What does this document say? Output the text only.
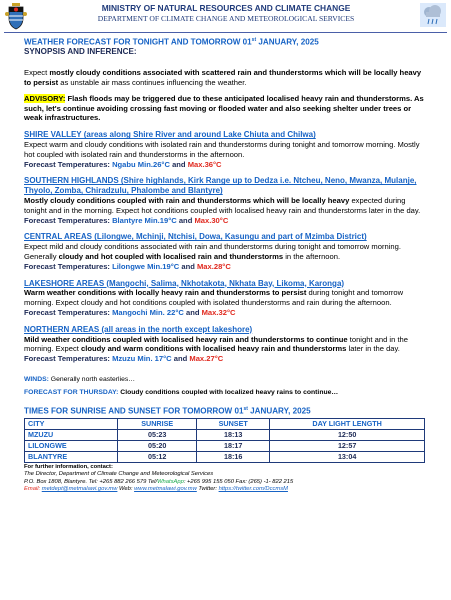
MINISTRY OF NATURAL RESOURCES AND CLIMATE CHANGE
DEPARTMENT OF CLIMATE CHANGE AND METEOROLOGICAL SERVICES
WEATHER FORECAST FOR TONIGHT AND TOMORROW 01st JANUARY, 2025
SYNOPSIS AND INFERENCE:

Expect mostly cloudy conditions associated with scattered rain and thunderstorms which will be locally heavy to persist as unstable air mass continues influencing the weather.

ADVISORY: Flash floods may be triggered due to these anticipated localised heavy rain and thunderstorms. As such, let's continue avoiding crossing fast moving or flooded water and also seeking shelter under trees or weak infrastructures.

SHIRE VALLEY (areas along Shire River and around Lake Chiuta and Chilwa)

Expect warm and cloudy conditions with isolated rain and thunderstorms during tonight and tomorrow morning. Mostly hot coupled with isolated rain and thunderstorms in the afternoon.

Forecast Temperatures: Ngabu Min.26°C and Max.36°C
SOUTHERN HIGHLANDS (Shire highlands, Kirk Range up to Dedza i.e. Ntcheu, Neno, Mwanza, Mulanje, Thyolo, Zomba, Chiradzulu, Phalombe and Blantyre)

Mostly cloudy conditions coupled with rain and thunderstorms which will be locally heavy expected during tonight and in the morning. Expect hot conditions coupled with localised heavy rain and thunderstorms later in the day.

Forecast Temperatures: Blantyre Min.19°C and Max.30°C
CENTRAL AREAS (Lilongwe, Mchinji, Ntchisi, Dowa, Kasungu and part of Mzimba District)

Expect mild and cloudy conditions associated with rain and thunderstorms during tonight and tomorrow morning. Generally cloudy and hot coupled with localised rain and thunderstorms in the afternoon.

Forecast Temperatures: Lilongwe Min.19°C and Max.28°C
LAKESHORE AREAS (Mangochi, Salima, Nkhotakota, Nkhata Bay, Likoma, Karonga)

Warm weather conditions with locally heavy rain and thunderstorms to persist during tonight and tomorrow morning. Expect cloudy and hot conditions coupled with isolated thunderstorms and rain during the afternoon.

Forecast Temperatures: Mangochi Min. 22°C and Max.32°C
NORTHERN AREAS (all areas in the north except lakeshore)

Mild weather conditions coupled with localised heavy rain and thunderstorms to continue tonight and in the morning. Expect cloudy and warm conditions with localised heavy rain and thunderstorms later in the day.

Forecast Temperatures: Mzuzu Min. 17°C and Max.27°C
WINDS: Generally north easterlies…
FORECAST FOR THURSDAY: Cloudy conditions coupled with localized heavy rains to continue…
TIMES FOR SUNRISE AND SUNSET FOR TOMORROW 01st JANUARY, 2025
CITY	SUNRISE	SUNSET	DAY LIGHT LENGTH
MZUZU	05:23	18:13	12:50
LILONGWE	05:20	18:17	12:57
BLANTYRE	05:12	18:16	13:04
For further information, contact:
The Director, Department of Climate Change and Meteorological Services
P.O. Box 1808, Blantyre. Tel: +265 882 266 579 Tel/WhatsApp: +265 995 155 050 Fax: (265) -1- 822 215
Email: metdept@metmalawi.gov.mw Web: www.metmalawi.gov.mw Twitter: https://twitter.com/DccmsM
